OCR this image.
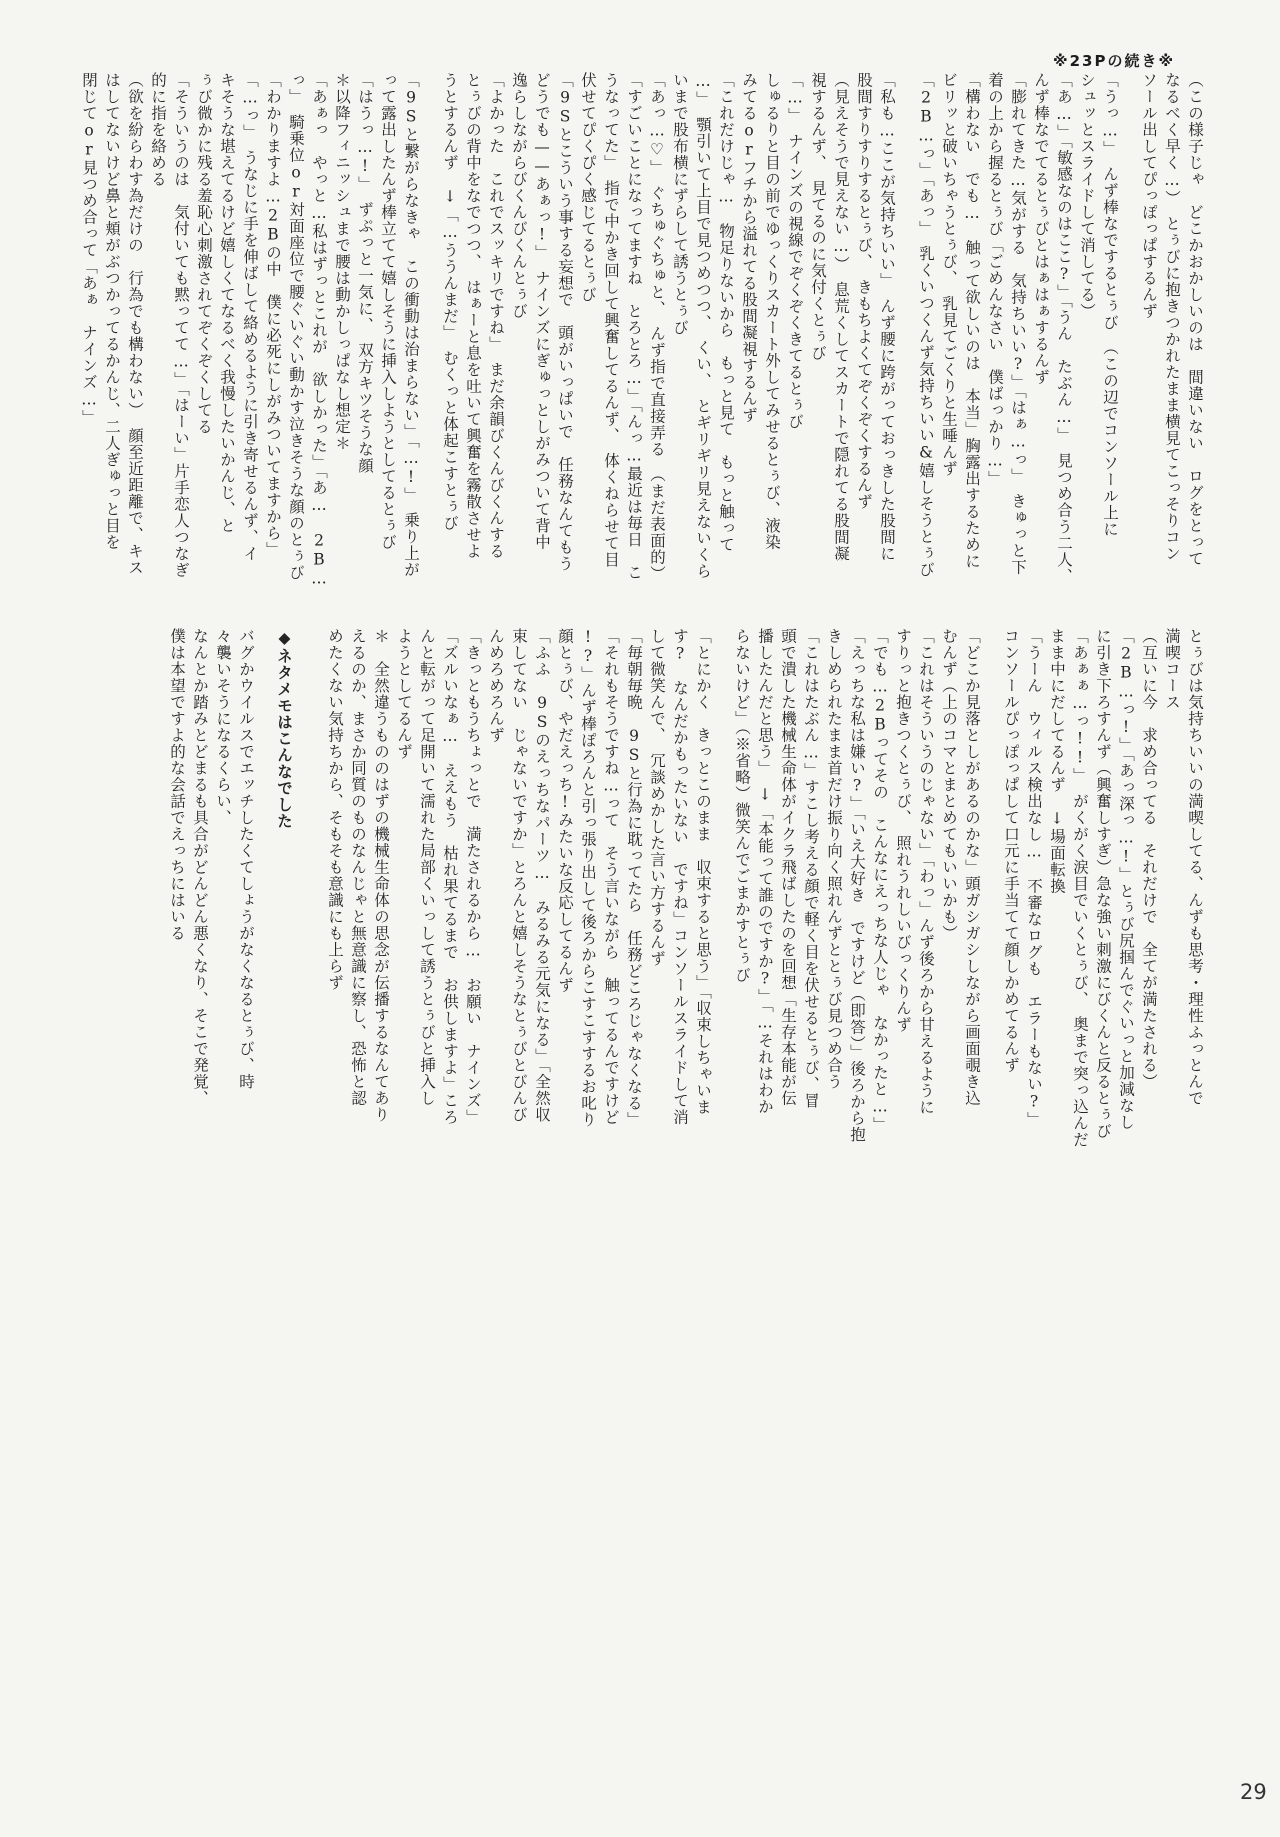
※23Pの続き※

（この様子じゃ　どこかおかしいのは　間違いない　ログをとって

なるべく早く…）　とぅびに抱きつかれたまま横見てこっそりコン

ソール出してぴっぽっぱするんず

「うっ…」　んず棒なでするとぅび　（この辺でコンソール上に

シュッとスライドして消してる）

「あ…」「敏感なのはここ?」「うん　たぶん…」　見つめ合う二人、

んず棒なでてるとぅびとはぁはぁするんず

「膨れてきた…気がする　気持ちいい?」「はぁ…っ」　きゅっと下

着の上から握るとぅび「ごめんなさい　僕ばっかり…」

「構わない　でも…　触って欲しいのは　本当」胸露出するために

ビリッと破いちゃうとぅび、　乳見てごくりと生唾んず

「2B…っ」「あっ」　乳くいつくんず気持ちいい&嬉しそうとぅび

「私も…ここが気持ちいい」　んず腰に跨がっておっきした股間に

股間すりすりするとぅび、　きもちよくてぞくぞくするんず

（見えそうで見えない…）　息荒くしてスカートで隠れてる股間凝

視するんず、　見てるのに気付くとぅび

「…」　ナインズの視線でぞくぞくきてるとぅび

しゅるりと目の前でゆっくりスカート外してみせるとぅび、液染

みてるorフチから溢れてる股間凝視するんず

「これだけじゃ…　物足りないから　もっと見て　もっと触って

…」　顎引いて上目で見つめつつ、　くい、　とギリギリ見えないくら

いまで股布横にずらして誘うとぅび

「あっ…♡」　ぐちゅぐちゅと、　んず指で直接弄る　（まだ表面的）

「すごいことになってますね　とろとろ…」「んっ…最近は毎日　こ

うなってた」　指で中かき回して興奮してるんず、　体くねらせて目

伏せてぴくぴく感じてるとぅび

「9Sとこういう事する妄想で　頭がいっぱいで　任務なんてもう

どうでも——あぁっ!」　ナインズにぎゅっとしがみついて背中

逸らしながらびくんびくんとぅび

「よかった　これでスッキリですね」　まだ余韻びくんびくんする

とぅびの背中をなでつつ、　はぁーと息を吐いて興奮を霧散させよ

うとするんず　↓「…ううんまだ」　むくっと体起こすとぅび

「9Sと繋がらなきゃ　この衝動は治まらない」「…!」　乗り上が

って露出したんず棒立てて嬉しそうに挿入しようとしてるとぅび

「はうっ…!」　ずぷっと一気に、　双方キツそうな顔

＊以降フィニッシュまで腰は動かしっぱなし想定＊

「あぁっ　やっと…私はずっとこれが　欲しかった」「あ…　2B…

っ」　騎乗位or対面座位で腰ぐいぐい動かす泣きそうな顔のとぅび

「わかりますよ…2Bの中　僕に必死にしがみついてますから」

「…っ」　うなじに手を伸ばして絡めるように引き寄せるんず、イ

キそうな堪えてるけど嬉しくてなるべく我慢したいかんじ、と

ぅび微かに残る羞恥心刺激されてぞくぞくしてる

「そういうのは　気付いても黙ってて…」「はーい」片手恋人つなぎ

的に指を絡める

（欲を紛らわす為だけの　行為でも構わない）　顔至近距離で、キス

はしてないけど鼻と頬がぶつかってるかんじ、二人ぎゅっと目を

閉じてor見つめ合って「あぁ　ナインズ…」

とぅびは気持ちいいの満喫してる、んずも思考・理性ふっとんで

満喫コース

（互いに今　求め合ってる　それだけで　全てが満たされる）

「2B…っ!」「あっ深っ…!」とぅび尻掴んでぐいっと加減なし

に引き下ろすんず（興奮しすぎ）急な強い刺激にびくんと反るとぅび

「あぁぁ…っ!!」　がくがく涙目でいくとぅび、　奥まで突っ込んだ

まま中にだしてるんず　↓場面転換

「うーん　ウィルス検出なし…　不審なログも　エラーもない?」

コンソールぴっぽっぱして口元に手当てて顔しかめてるんず

「どこか見落としがあるのかな」頭ガシガシしながら画面覗き込

むんず（上のコマとまとめてもいいかも）

「これはそういうのじゃない」「わっ」んず後ろから甘えるように

すりっと抱きつくとぅび、　照れうれしいびっくりんず

「でも…2Bってその　こんなにえっちな人じゃ　なかったと…」

「えっちな私は嫌い?」「いえ大好き　ですけど（即答）」後ろから抱

きしめられたまま首だけ振り向く照れんずととぅび見つめ合う

「これはたぶん…」すこし考える顔で軽く目を伏せるとぅび、冒

頭で潰した機械生命体がイクラ飛ばしたのを回想「生存本能が伝

播したんだと思う」　↓「本能って誰のですか?」「…それはわか

らないけど」（※省略）微笑んでごまかすとぅび

「とにかく　きっとこのまま　収束すると思う」「収束しちゃいま

す?　なんだかもったいない　ですね」コンソールスライドして消

して微笑んで、　冗談めかした言い方するんず

「毎朝毎晩　9Sと行為に耽ってたら　任務どころじゃなくなる」

「それもそうですね…って　そう言いながら　触ってるんですけど

!?」んず棒ぽろんと引っ張り出して後ろからこすこすするお叱り

顔とぅび、やだえっち!みたいな反応してるんず

「ふふ　9Sのえっちなパーツ…　みるみる元気になる」「全然収

束してない　じゃないですか」とろんと嬉しそうなとぅびとびんび

んめろめろんず

「きっともうちょっとで　満たされるから…　お願い　ナインズ」

「ズルいなぁ…　ええもう　枯れ果てるまで　お供しますよ」ころ

んと転がって足開いて濡れた局部くいっして誘うとぅびと挿入し

ようとしてるんず

＊　全然違うもののはずの機械生命体の思念が伝播するなんてあり

えるのか、まさか同質のものなんじゃと無意識に察し、恐怖と認

めたくない気持ちから、そもそも意識にも上らず

◆ネタメモはこんなでした

バグかウイルスでエッチしたくてしょうがなくなるとぅび、時

々襲いそうになるくらい、

なんとか踏みとどまるも具合がどんどん悪くなり、そこで発覚、

僕は本望ですよ的な会話でえっちにはいる

29
